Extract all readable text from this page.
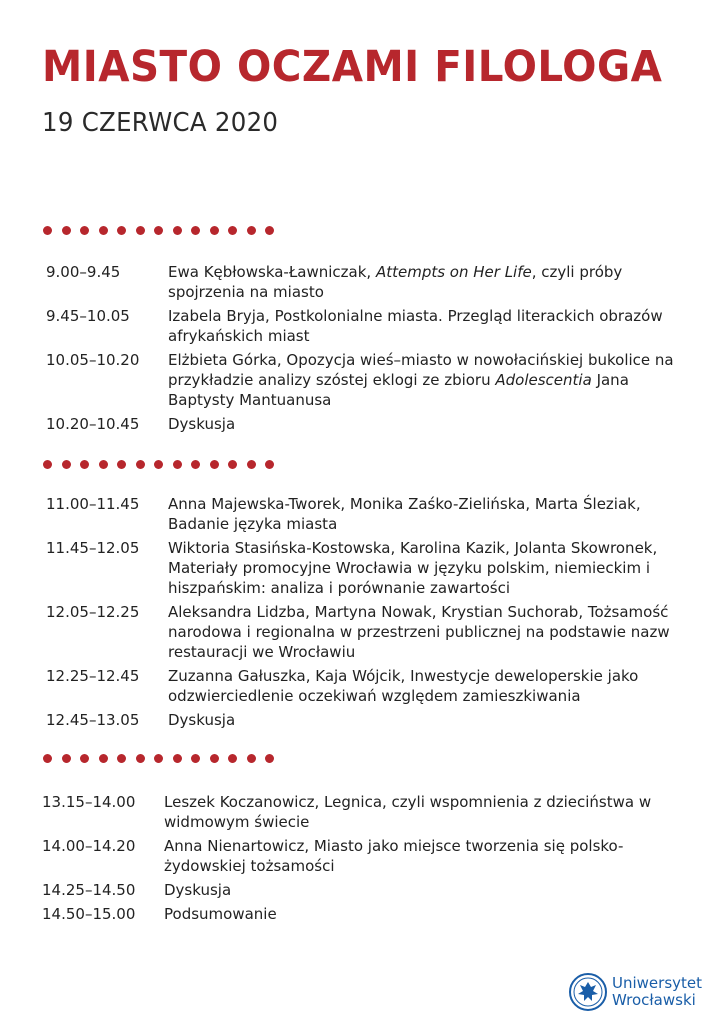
MIASTO OCZAMI FILOLOGA
19 CZERWCA 2020
9.00–9.45	Ewa Kębłowska-Ławniczak, Attempts on Her Life, czyli próby spojrzenia na miasto
9.45–10.05	Izabela Bryja, Postkolonialne miasta. Przegląd literackich obrazów afrykańskich miast
10.05–10.20 Elżbieta Górka, Opozycja wieś–miasto w nowołacińskiej bukolice na przykładzie analizy szóstej eklogi ze zbioru Adolescentia Jana Baptysty Mantuanusa
10.20–10.45 Dyskusja
11.00–11.45 Anna Majewska-Tworek, Monika Zaśko-Zielińska, Marta Śleziak, Badanie języka miasta
11.45–12.05 Wiktoria Stasińska-Kostowska, Karolina Kazik, Jolanta Skowronek, Materiały promocyjne Wrocławia w języku polskim, niemieckim i hiszpańskim: analiza i porównanie zawartości
12.05–12.25 Aleksandra Lidzba, Martyna Nowak, Krystian Suchorab, Tożsamość narodowa i regionalna w przestrzeni publicznej na podstawie nazw restauracji we Wrocławiu
12.25–12.45 Zuzanna Gałuszka, Kaja Wójcik, Inwestycje deweloperskie jako odzwierciedlenie oczekiwań względem zamieszkiwania
12.45–13.05 Dyskusja
13.15–14.00 Leszek Koczanowicz, Legnica, czyli wspomnienia z dzieciństwa w widmowym świecie
14.00–14.20 Anna Nienartowicz, Miasto jako miejsce tworzenia się polsko-żydowskiej tożsamości
14.25–14.50 Dyskusja
14.50–15.00 Podsumowanie
Uniwersytet
Wrocławski
